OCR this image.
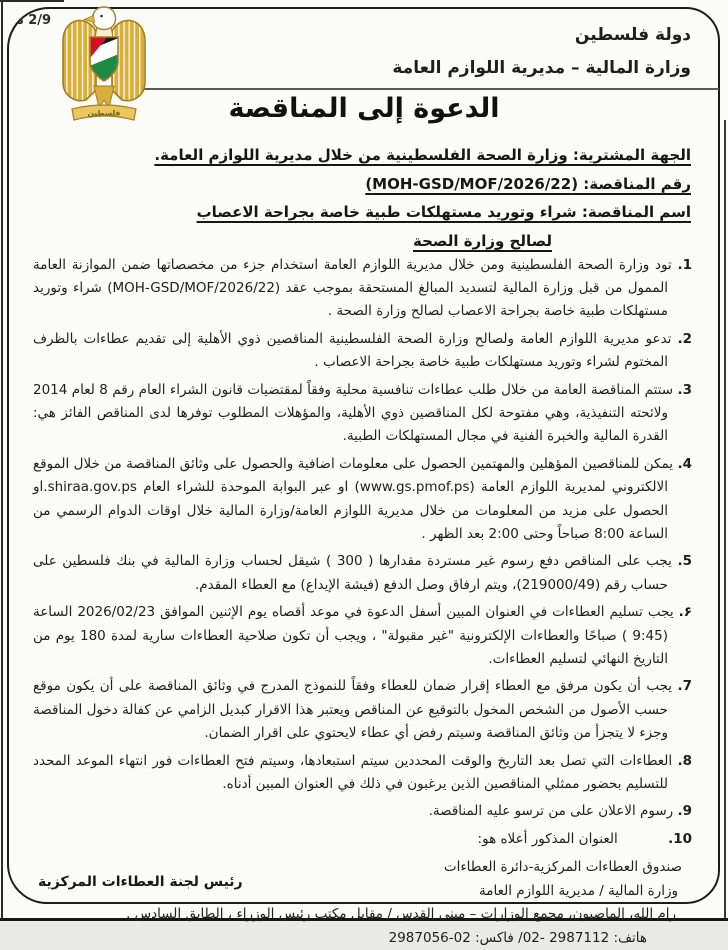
2/9 د
فلسطين
دولة فلسطين
وزارة المالية – مديرية اللوازم العامة
الدعوة إلى المناقصة
الجهة المشترية: وزارة الصحة الفلسطينية من خلال مديرية اللوازم العامة.
رقم المناقصة: (MOH-GSD/MOF/2026/22)
اسم المناقصة: شراء وتوريد مستهلكات طبية خاصة بجراحة الاعصاب
لصالح وزارة الصحة
1. تود وزارة الصحة الفلسطينية ومن خلال مديرية اللوازم العامة استخدام جزء من مخصصاتها ضمن الموازنة العامة الممول من قبل وزارة المالية لتسديد المبالغ المستحقة بموجب عقد (MOH-GSD/MOF/2026/22) شراء وتوريد مستهلكات طبية خاصة بجراحة الاعصاب لصالح وزارة الصحة .
2. تدعو مديرية اللوازم العامة ولصالح وزارة الصحة الفلسطينية المناقصين ذوي الأهلية إلى تقديم عطاءات بالظرف المختوم لشراء وتوريد مستهلكات طبية خاصة بجراحة الاعصاب .
3. ستتم المناقصة العامة من خلال طلب عطاءات تنافسية محلية وفقاً لمقتضيات قانون الشراء العام رقم 8 لعام 2014 ولائحته التنفيذية، وهي مفتوحة لكل المناقصين ذوي الأهلية، والمؤهلات المطلوب توفرها لدى المناقص الفائز هي: القدرة المالية والخبرة الفنية في مجال المستهلكات الطبية.
4. يمكن للمناقصين المؤهلين والمهتمين الحصول على معلومات اضافية والحصول على وثائق المناقصة من خلال الموقع الالكتروني لمديرية اللوازم العامة (www.gs.pmof.ps) او عبر البوابة الموحدة للشراء العام shiraa.gov.ps.او الحصول على مزيد من المعلومات من خلال مديرية اللوازم العامة/وزارة المالية خلال اوقات الدوام الرسمي من الساعة 8:00 صباحاً وحتى 2:00 بعد الظهر .
5. يجب على المناقص دفع رسوم غير مستردة مقدارها ( 300 ) شيقل لحساب وزارة المالية في بنك فلسطين على حساب رقم (219000/49)، ويتم ارفاق وصل الدفع (فيشة الإيداع) مع العطاء المقدم.
۶. يجب تسليم العطاءات في العنوان المبين أسفل الدعوة في موعد أقصاه يوم الإثنين الموافق 2026/02/23 الساعة (9:45 ) صباحًا والعطاءات الإلكترونية "غير مقبولة" ، ويجب أن تكون صلاحية العطاءات سارية لمدة 180 يوم من التاريخ النهائي لتسليم العطاءات.
7. يجب أن يكون مرفق مع العطاء إقرار ضمان للعطاء وفقاً للنموذج المدرج في وثائق المناقصة على أن يكون موقع حسب الأصول من الشخص المخول بالتوقيع عن المناقص ويعتبر هذا الاقرار كبديل الزامي عن كفالة دخول المناقصة وجزء لا يتجزأ من وثائق المناقصة وسيتم رفض أي عطاء لايحتوي على اقرار الضمان.
8. العطاءات التي تصل بعد التاريخ والوقت المحددين سيتم استبعادها، وسيتم فتح العطاءات فور انتهاء الموعد المحدد للتسليم بحضور ممثلي المناقصين الذين يرغبون في ذلك في العنوان المبين أدناه.
9. رسوم الاعلان على من ترسو عليه المناقصة.
10. العنوان المذكور أعلاه هو:
صندوق العطاءات المركزية-دائرة العطاءات
وزارة المالية / مديرية اللوازم العامة
رام الله، الماصيون، مجمع الوزارات – مبنى القدس / مقابل مكتب رئيس الوزراء ، الطابق السادس .
هاتف: 2987112 -02/ فاكس: 02-2987056
رئيس لجنة العطاءات المركزية
